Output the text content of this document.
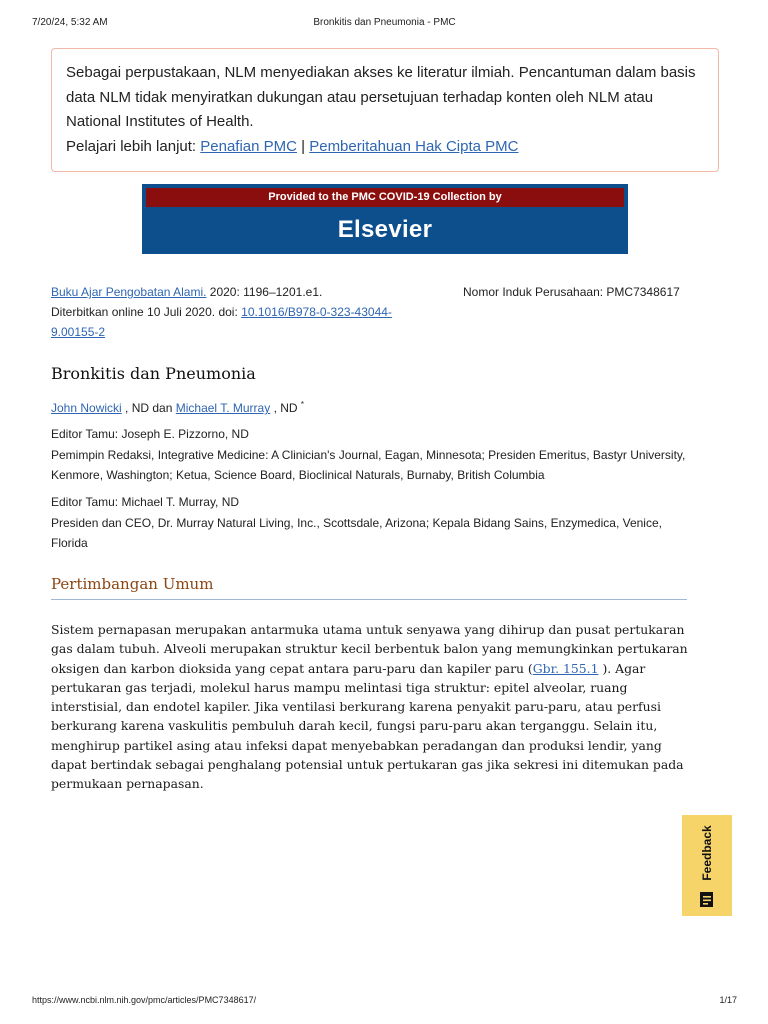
7/20/24, 5:32 AM	Bronkitis dan Pneumonia - PMC
Sebagai perpustakaan, NLM menyediakan akses ke literatur ilmiah. Pencantuman dalam basis data NLM tidak menyiratkan dukungan atau persetujuan terhadap konten oleh NLM atau National Institutes of Health.
Pelajari lebih lanjut: Penafian PMC | Pemberitahuan Hak Cipta PMC
Provided to the PMC COVID-19 Collection by
Elsevier
Buku Ajar Pengobatan Alami. 2020: 1196–1201.e1.
Diterbitkan online 10 Juli 2020. doi: 10.1016/B978-0-323-43044-9.00155-2
Nomor Induk Perusahaan: PMC7348617
Bronkitis dan Pneumonia
John Nowicki , ND dan Michael T. Murray , ND *
Editor Tamu: Joseph E. Pizzorno, ND
Pemimpin Redaksi, Integrative Medicine: A Clinician's Journal, Eagan, Minnesota; Presiden Emeritus, Bastyr University, Kenmore, Washington; Ketua, Science Board, Bioclinical Naturals, Burnaby, British Columbia
Editor Tamu: Michael T. Murray, ND
Presiden dan CEO, Dr. Murray Natural Living, Inc., Scottsdale, Arizona; Kepala Bidang Sains, Enzymedica, Venice, Florida
Pertimbangan Umum
Sistem pernapasan merupakan antarmuka utama untuk senyawa yang dihirup dan pusat pertukaran gas dalam tubuh. Alveoli merupakan struktur kecil berbentuk balon yang memungkinkan pertukaran oksigen dan karbon dioksida yang cepat antara paru-paru dan kapiler paru (Gbr. 155.1 ). Agar pertukaran gas terjadi, molekul harus mampu melintasi tiga struktur: epitel alveolar, ruang interstisial, dan endotel kapiler. Jika ventilasi berkurang karena penyakit paru-paru, atau perfusi berkurang karena vaskulitis pembuluh darah kecil, fungsi paru-paru akan terganggu. Selain itu, menghirup partikel asing atau infeksi dapat menyebabkan peradangan dan produksi lendir, yang dapat bertindak sebagai penghalang potensial untuk pertukaran gas jika sekresi ini ditemukan pada permukaan pernapasan.
Feedback
https://www.ncbi.nlm.nih.gov/pmc/articles/PMC7348617/	1/17
